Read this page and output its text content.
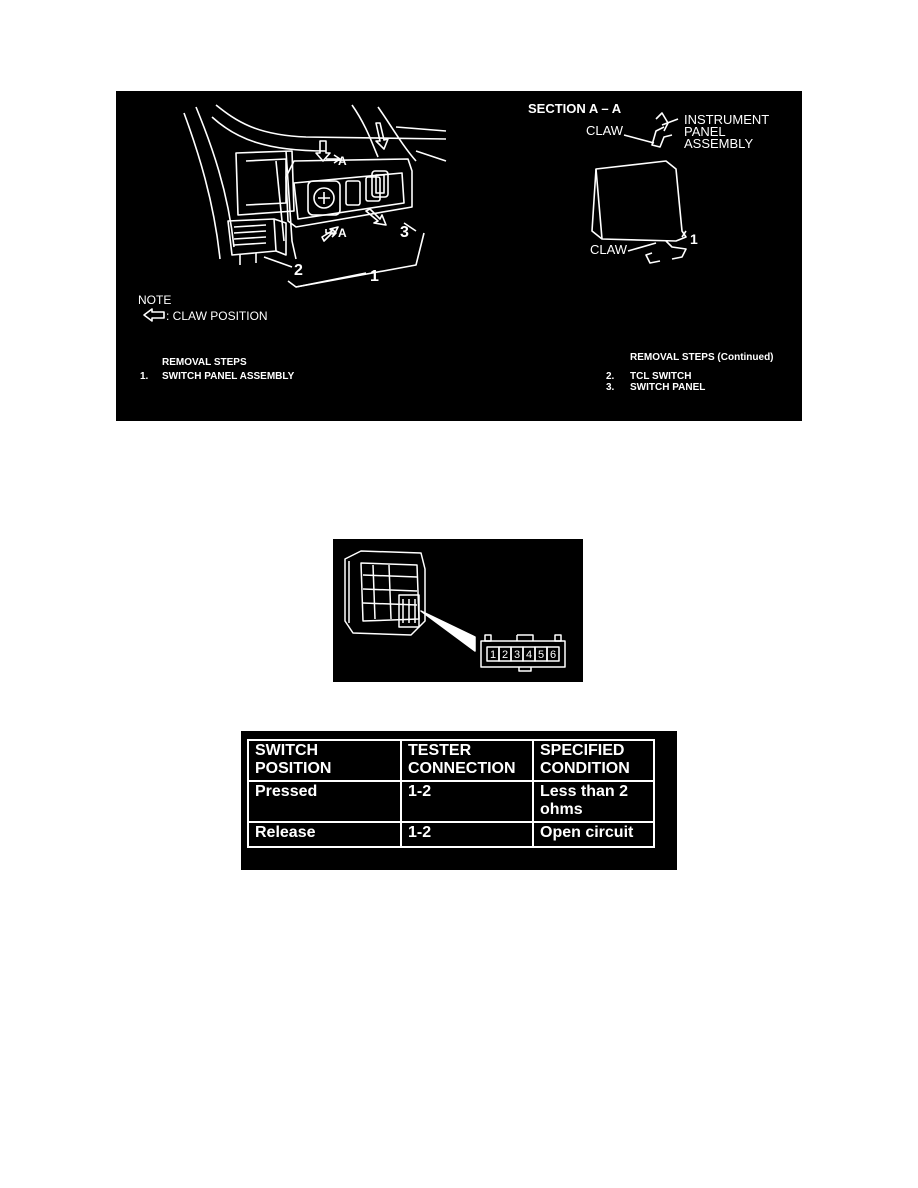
SECTION A – A
CLAW
INSTRUMENT
PANEL
ASSEMBLY
CLAW
1
A
A
1
2
3
NOTE
: CLAW POSITION
REMOVAL STEPS
1. SWITCH PANEL ASSEMBLY
REMOVAL STEPS (Continued)
2. TCL SWITCH
3. SWITCH PANEL
1 2 3 4 5 6
SWITCH POSITION	TESTER CONNECTION	SPECIFIED CONDITION
Pressed	1-2	Less than 2 ohms
Release	1-2	Open circuit
